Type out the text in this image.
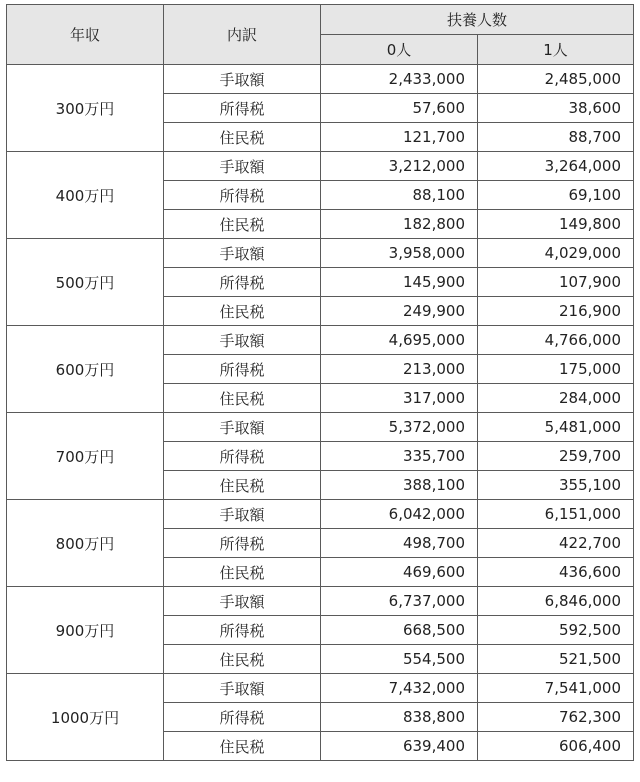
年収	内訳	扶養人数	
		0人	1人
300万円	手取額	2,433,000	2,485,000
	所得税	57,600	38,600
	住民税	121,700	88,700
400万円	手取額	3,212,000	3,264,000
	所得税	88,100	69,100
	住民税	182,800	149,800
500万円	手取額	3,958,000	4,029,000
	所得税	145,900	107,900
	住民税	249,900	216,900
600万円	手取額	4,695,000	4,766,000
	所得税	213,000	175,000
	住民税	317,000	284,000
700万円	手取額	5,372,000	5,481,000
	所得税	335,700	259,700
	住民税	388,100	355,100
800万円	手取額	6,042,000	6,151,000
	所得税	498,700	422,700
	住民税	469,600	436,600
900万円	手取額	6,737,000	6,846,000
	所得税	668,500	592,500
	住民税	554,500	521,500
1000万円	手取額	7,432,000	7,541,000
	所得税	838,800	762,300
	住民税	639,400	606,400
